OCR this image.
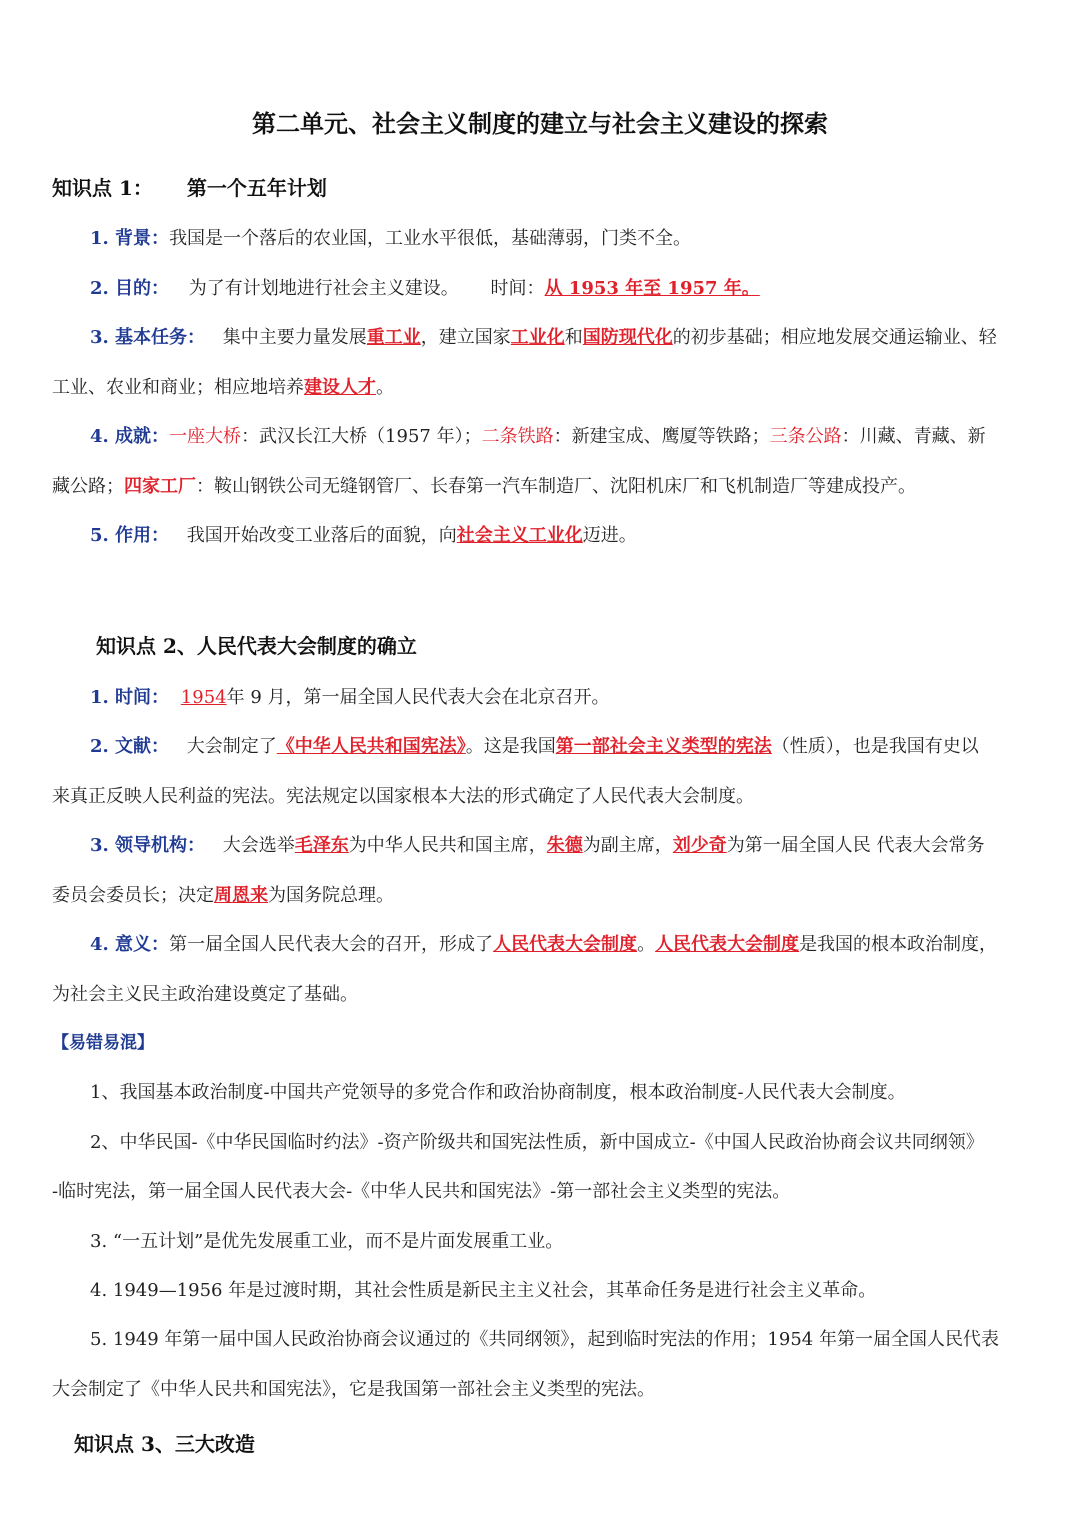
第二单元、社会主义制度的建立与社会主义建设的探索
知识点 1： 第一个五年计划
1. 背景：我国是一个落后的农业国，工业水平很低，基础薄弱，门类不全。
2. 目的： 为了有计划地进行社会主义建设。 时间：从 1953 年至 1957 年。
3. 基本任务： 集中主要力量发展重工业，建立国家工业化和国防现代化的初步基础；相应地发展交通运输业、轻
工业、农业和商业；相应地培养建设人才。
4. 成就：一座大桥：武汉长江大桥（1957 年）；二条铁路：新建宝成、鹰厦等铁路；三条公路：川藏、青藏、新
藏公路；四家工厂：鞍山钢铁公司无缝钢管厂、长春第一汽车制造厂、沈阳机床厂和飞机制造厂等建成投产。
5. 作用： 我国开始改变工业落后的面貌，向社会主义工业化迈进。
知识点 2、人民代表大会制度的确立
1. 时间： 1954年 9 月，第一届全国人民代表大会在北京召开。
2. 文献： 大会制定了《中华人民共和国宪法》。这是我国第一部社会主义类型的宪法（性质），也是我国有史以
来真正反映人民利益的宪法。宪法规定以国家根本大法的形式确定了人民代表大会制度。
3. 领导机构： 大会选举毛泽东为中华人民共和国主席，朱德为副主席，刘少奇为第一届全国人民 代表大会常务
委员会委员长；决定周恩来为国务院总理。
4. 意义：第一届全国人民代表大会的召开，形成了人民代表大会制度。人民代表大会制度是我国的根本政治制度，
为社会主义民主政治建设奠定了基础。
【易错易混】
1、我国基本政治制度-中国共产党领导的多党合作和政治协商制度，根本政治制度-人民代表大会制度。
2、中华民国-《中华民国临时约法》-资产阶级共和国宪法性质，新中国成立-《中国人民政治协商会议共同纲领》
-临时宪法，第一届全国人民代表大会-《中华人民共和国宪法》-第一部社会主义类型的宪法。
3. “一五计划”是优先发展重工业，而不是片面发展重工业。
4. 1949—1956 年是过渡时期，其社会性质是新民主主义社会，其革命任务是进行社会主义革命。
5. 1949 年第一届中国人民政治协商会议通过的《共同纲领》，起到临时宪法的作用；1954 年第一届全国人民代表
大会制定了《中华人民共和国宪法》，它是我国第一部社会主义类型的宪法。
知识点 3、三大改造
